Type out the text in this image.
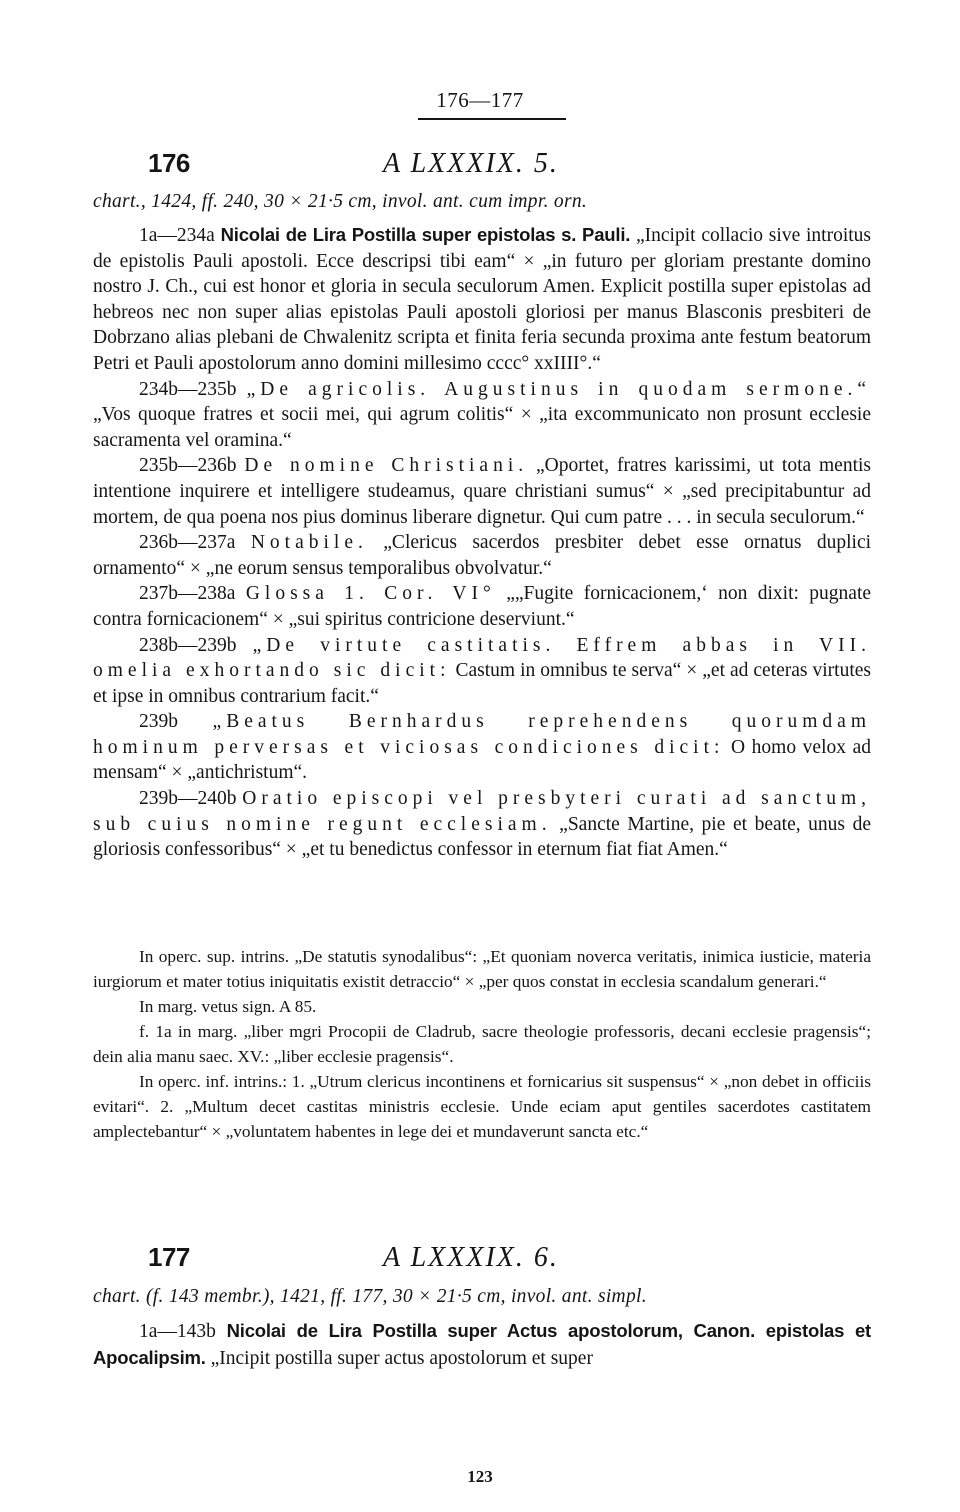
176—177
176	A LXXXIX. 5.
chart., 1424, ff. 240, 30 × 21·5 cm, invol. ant. cum impr. orn.

1a—234a Nicolai de Lira Postilla super epistolas s. Pauli. „Incipit collacio sive introitus de epistolis Pauli apostoli. Ecce descripsi tibi eam“ × „in futuro per gloriam prestante domino nostro J. Ch., cui est honor et gloria in secula seculorum Amen. Explicit postilla super epistolas ad hebreos nec non super alias epistolas Pauli apostoli gloriosi per manus Blasconis presbiteri de Dobrzano alias plebani de Chwalenitz scripta et finita feria secunda proxima ante festum beatorum Petri et Pauli apostolorum anno domini millesimo cccc° xxIIII°.“

234b—235b „De agricolis. Augustinus in quodam sermone.“ „Vos quoque fratres et socii mei, qui agrum colitis“ × „ita excommunicato non prosunt ecclesie sacramenta vel oramina.“

235b—236b De nomine Christiani. „Oportet, fratres karissimi, ut tota mentis intentione inquirere et intelligere studeamus, quare christiani sumus“ × „sed precipitabuntur ad mortem, de qua poena nos pius dominus liberare dignetur. Qui cum patre . . . in secula seculorum.“

236b—237a Notabile. „Clericus sacerdos presbiter debet esse ornatus duplici ornamento“ × „ne eorum sensus temporalibus obvolvatur.“

237b—238a Glossa 1. Cor. VI° „„Fugite fornicacionem,‘ non dixit: pugnate contra fornicacionem“ × „sui spiritus contricione deserviunt.“

238b—239b „De virtute castitatis. Effrem abbas in VII. omelia exhortando sic dicit: Castum in omnibus te serva“ × „et ad ceteras virtutes et ipse in omnibus contrarium facit.“

239b „Beatus Bernhardus reprehendens quorumdam hominum perversas et viciosas condiciones dicit: O homo velox ad mensam“ × „antichristum“.

239b—240b Oratio episcopi vel presbyteri curati ad sanctum, sub cuius nomine regunt ecclesiam. „Sancte Martine, pie et beate, unus de gloriosis confessoribus“ × „et tu benedictus confessor in eternum fiat fiat Amen.“

In operc. sup. intrins. „De statutis synodalibus“: „Et quoniam noverca veritatis, inimica iusticie, materia iurgiorum et mater totius iniquitatis existit detraccio“ × „per quos constat in ecclesia scandalum generari.“

In marg. vetus sign. A 85.

f. 1a in marg. „liber mgri Procopii de Cladrub, sacre theologie professoris, decani ecclesie pragensis“; dein alia manu saec. XV.: „liber ecclesie pragensis“.

In operc. inf. intrins.: 1. „Utrum clericus incontinens et fornicarius sit suspensus“ × „non debet in officiis evitari“. 2. „Multum decet castitas ministris ecclesie. Unde eciam aput gentiles sacerdotes castitatem amplectebantur“ × „voluntatem habentes in lege dei et mundaverunt sancta etc.“

177	A LXXXIX. 6.
chart. (f. 143 membr.), 1421, ff. 177, 30 × 21·5 cm, invol. ant. simpl.

1a—143b Nicolai de Lira Postilla super Actus apostolorum, Canon. epistolas et Apocalipsim. „Incipit postilla super actus apostolorum et super

123
